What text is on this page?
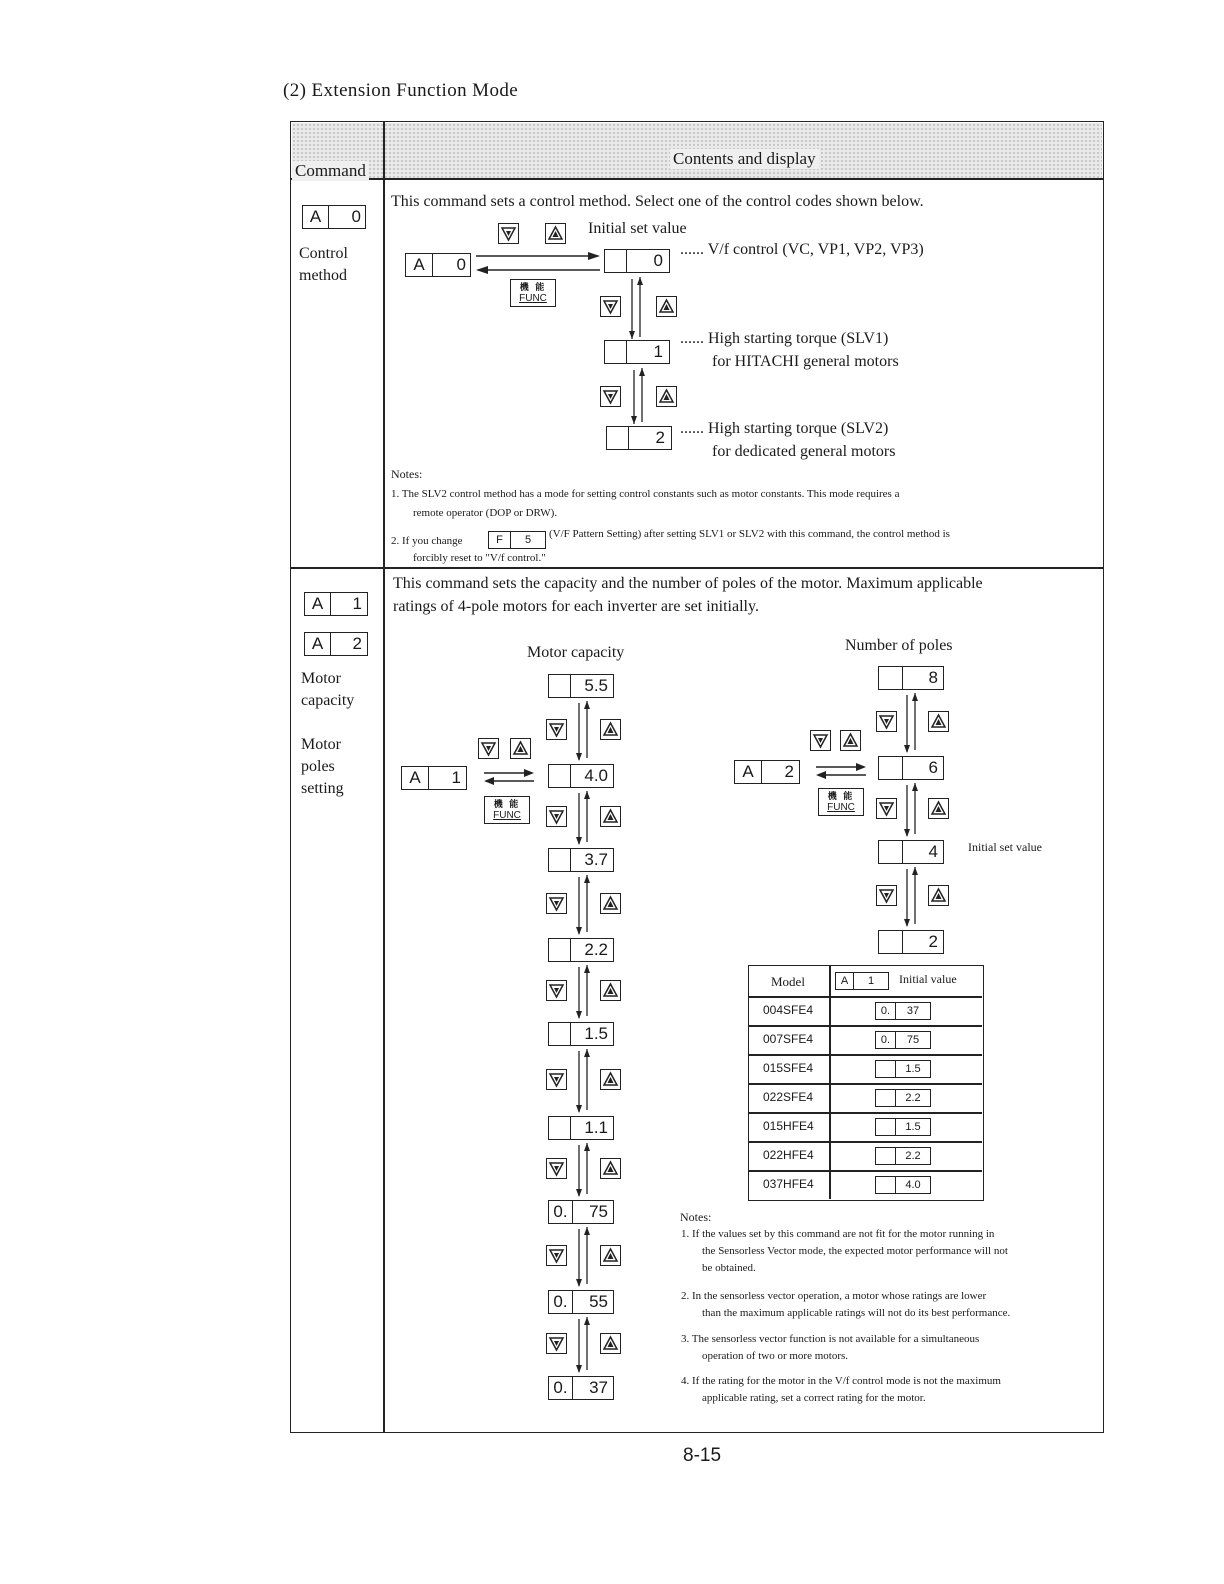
(2) Extension Function Mode
Command
Contents and display
A	0
Control
method
This command sets a control method. Select one of the control codes shown below.
Initial set value
A	0
機 能
FUNC
0
...... V/f control (VC, VP1, VP2, VP3)
1
...... High starting torque (SLV1)
for HITACHI general motors
2 ...... High starting torque (SLV2)
for dedicated general motors
Notes:
1. The SLV2 control method has a mode for setting control constants such as motor constants. This mode requires a
remote operator (DOP or DRW).
2. If you change	F	5	(V/F Pattern Setting) after setting SLV1 or SLV2 with this command, the control method is
forcibly reset to "V/f control."
A	1
A	2
Motor
capacity
Motor
poles
setting
This command sets the capacity and the number of poles of the motor. Maximum applicable
ratings of 4-pole motors for each inverter are set initially.
Motor capacity	Number of poles
A	1
機 能
FUNC
5.5
4.0
3.7
2.2
1.5
1.1
0.	75
0.	55
0.	37
A	2
機 能
FUNC
8
6
4
2
Initial set value
Model	A	1	Initial value
004SFE4	0.	37
007SFE4	0.	75
015SFE4	1.5
022SFE4	2.2
015HFE4	1.5
022HFE4	2.2
037HFE4	4.0
Notes:
1. If the values set by this command are not fit for the motor running in
the Sensorless Vector mode, the expected motor performance will not
be obtained.
2. In the sensorless vector operation, a motor whose ratings are lower
than the maximum applicable ratings will not do its best performance.
3. The sensorless vector function is not available for a simultaneous
operation of two or more motors.
4. If the rating for the motor in the V/f control mode is not the maximum
applicable rating, set a correct rating for the motor.
8-15
